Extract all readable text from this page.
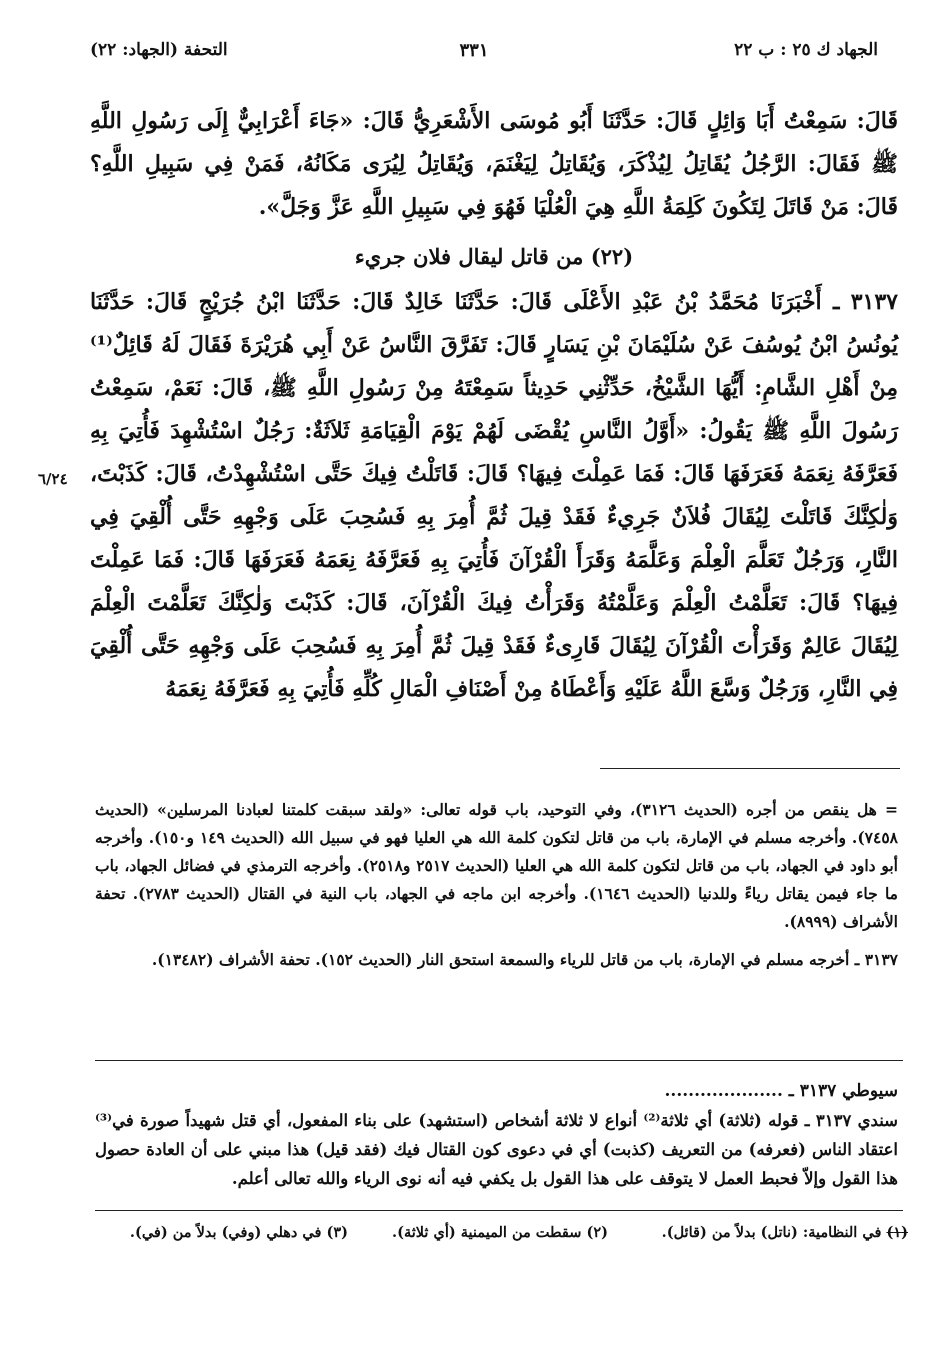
الجهاد ك ٢٥ : ب ٢٢
٣٣١
التحفة (الجهاد: ٢٢)

قَالَ: سَمِعْتُ أَبَا وَائِلٍ قَالَ: حَدَّثَنَا أَبُو مُوسَى الأَشْعَرِيُّ قَالَ: «جَاءَ أَعْرَابِيٌّ إِلَى رَسُولِ اللَّهِ ﷺ فَقَالَ: الرَّجُلُ يُقَاتِلُ لِيُذْكَرَ، وَيُقَاتِلُ لِيَغْنَمَ، وَيُقَاتِلُ لِيُرَى مَكَانُهُ، فَمَنْ فِي سَبِيلِ اللَّهِ؟ قَالَ: مَنْ قَاتَلَ لِتَكُونَ كَلِمَةُ اللَّهِ هِيَ الْعُلْيَا فَهُوَ فِي سَبِيلِ اللَّهِ عَزَّ وَجَلَّ».

(٢٢) من قاتل ليقال فلان جريء

٣١٣٧ ـ أَخْبَرَنَا مُحَمَّدُ بْنُ عَبْدِ الأَعْلَى قَالَ: حَدَّثَنَا خَالِدٌ قَالَ: حَدَّثَنَا ابْنُ جُرَيْجٍ قَالَ: حَدَّثَنَا يُونُسُ ابْنُ يُوسُفَ عَنْ سُلَيْمَانَ بْنِ يَسَارٍ قَالَ: تَفَرَّقَ النَّاسُ عَنْ أَبِي هُرَيْرَةَ فَقَالَ لَهُ قَائِلٌ⁽¹⁾ مِنْ أَهْلِ الشَّامِ: أَيُّهَا الشَّيْخُ، حَدِّثْنِي حَدِيثاً سَمِعْتَهُ مِنْ رَسُولِ اللَّهِ ﷺ، قَالَ: نَعَمْ، سَمِعْتُ رَسُولَ اللَّهِ ﷺ يَقُولُ: «أَوَّلُ النَّاسِ يُقْضَى لَهُمْ يَوْمَ الْقِيَامَةِ ثَلاَثَةٌ: رَجُلٌ اسْتُشْهِدَ فَأُتِيَ بِهِ فَعَرَّفَهُ نِعَمَهُ فَعَرَفَهَا قَالَ: فَمَا عَمِلْتَ فِيهَا؟ قَالَ: قَاتَلْتُ فِيكَ حَتَّى اسْتُشْهِدْتُ، قَالَ: كَذَبْتَ، وَلٰكِنَّكَ قَاتَلْتَ لِيُقَالَ فُلاَنٌ جَرِيءٌ فَقَدْ قِيلَ ثُمَّ أُمِرَ بِهِ فَسُحِبَ عَلَى وَجْهِهِ حَتَّى أُلْقِيَ فِي النَّارِ، وَرَجُلٌ تَعَلَّمَ الْعِلْمَ وَعَلَّمَهُ وَقَرَأَ الْقُرْآنَ فَأُتِيَ بِهِ فَعَرَّفَهُ نِعَمَهُ فَعَرَفَهَا قَالَ: فَمَا عَمِلْتَ فِيهَا؟ قَالَ: تَعَلَّمْتُ الْعِلْمَ وَعَلَّمْتُهُ وَقَرَأْتُ فِيكَ الْقُرْآنَ، قَالَ: كَذَبْتَ وَلٰكِنَّكَ تَعَلَّمْتَ الْعِلْمَ لِيُقَالَ عَالِمٌ وَقَرَأْتَ الْقُرْآنَ لِيُقَالَ قَارِىءٌ فَقَدْ قِيلَ ثُمَّ أُمِرَ بِهِ فَسُحِبَ عَلَى وَجْهِهِ حَتَّى أُلْقِيَ فِي النَّارِ، وَرَجُلٌ وَسَّعَ اللَّهُ عَلَيْهِ وَأَعْطَاهُ مِنْ أَصْنَافِ الْمَالِ كُلِّهِ فَأُتِيَ بِهِ فَعَرَّفَهُ نِعَمَهُ

٦/٢٤

= هل ينقص من أجره (الحديث ٣١٢٦)، وفي التوحيد، باب قوله تعالى: «ولقد سبقت كلمتنا لعبادنا المرسلين» (الحديث ٧٤٥٨). وأخرجه مسلم في الإمارة، باب من قاتل لتكون كلمة الله هي العليا فهو في سبيل الله (الحديث ١٤٩ و١٥٠). وأخرجه أبو داود في الجهاد، باب من قاتل لتكون كلمة الله هي العليا (الحديث ٢٥١٧ و٢٥١٨). وأخرجه الترمذي في فضائل الجهاد، باب ما جاء فيمن يقاتل رياءً وللدنيا (الحديث ١٦٤٦). وأخرجه ابن ماجه في الجهاد، باب النية في القتال (الحديث ٢٧٨٣). تحفة الأشراف (٨٩٩٩).

٣١٣٧ ـ أخرجه مسلم في الإمارة، باب من قاتل للرياء والسمعة استحق النار (الحديث ١٥٢). تحفة الأشراف (١٣٤٨٢).

سيوطي ٣١٣٧ ـ ....................

سندي ٣١٣٧ ـ قوله (ثلاثة) أي ثلاثة⁽²⁾ أنواع لا ثلاثة أشخاص (استشهد) على بناء المفعول، أي قتل شهيداً صورة في⁽³⁾ اعتقاد الناس (فعرفه) من التعريف (كذبت) أي في دعوى كون القتال فيك (فقد قيل) هذا مبني على أن العادة حصول هذا القول وإلاّ فحبط العمل لا يتوقف على هذا القول بل يكفي فيه أنه نوى الرياء والله تعالى أعلم.

(١) في النظامية: (ناتل) بدلاً من (قائل).
(٢) سقطت من الميمنية (أي ثلاثة).
(٣) في دهلي (وفي) بدلاً من (في).
